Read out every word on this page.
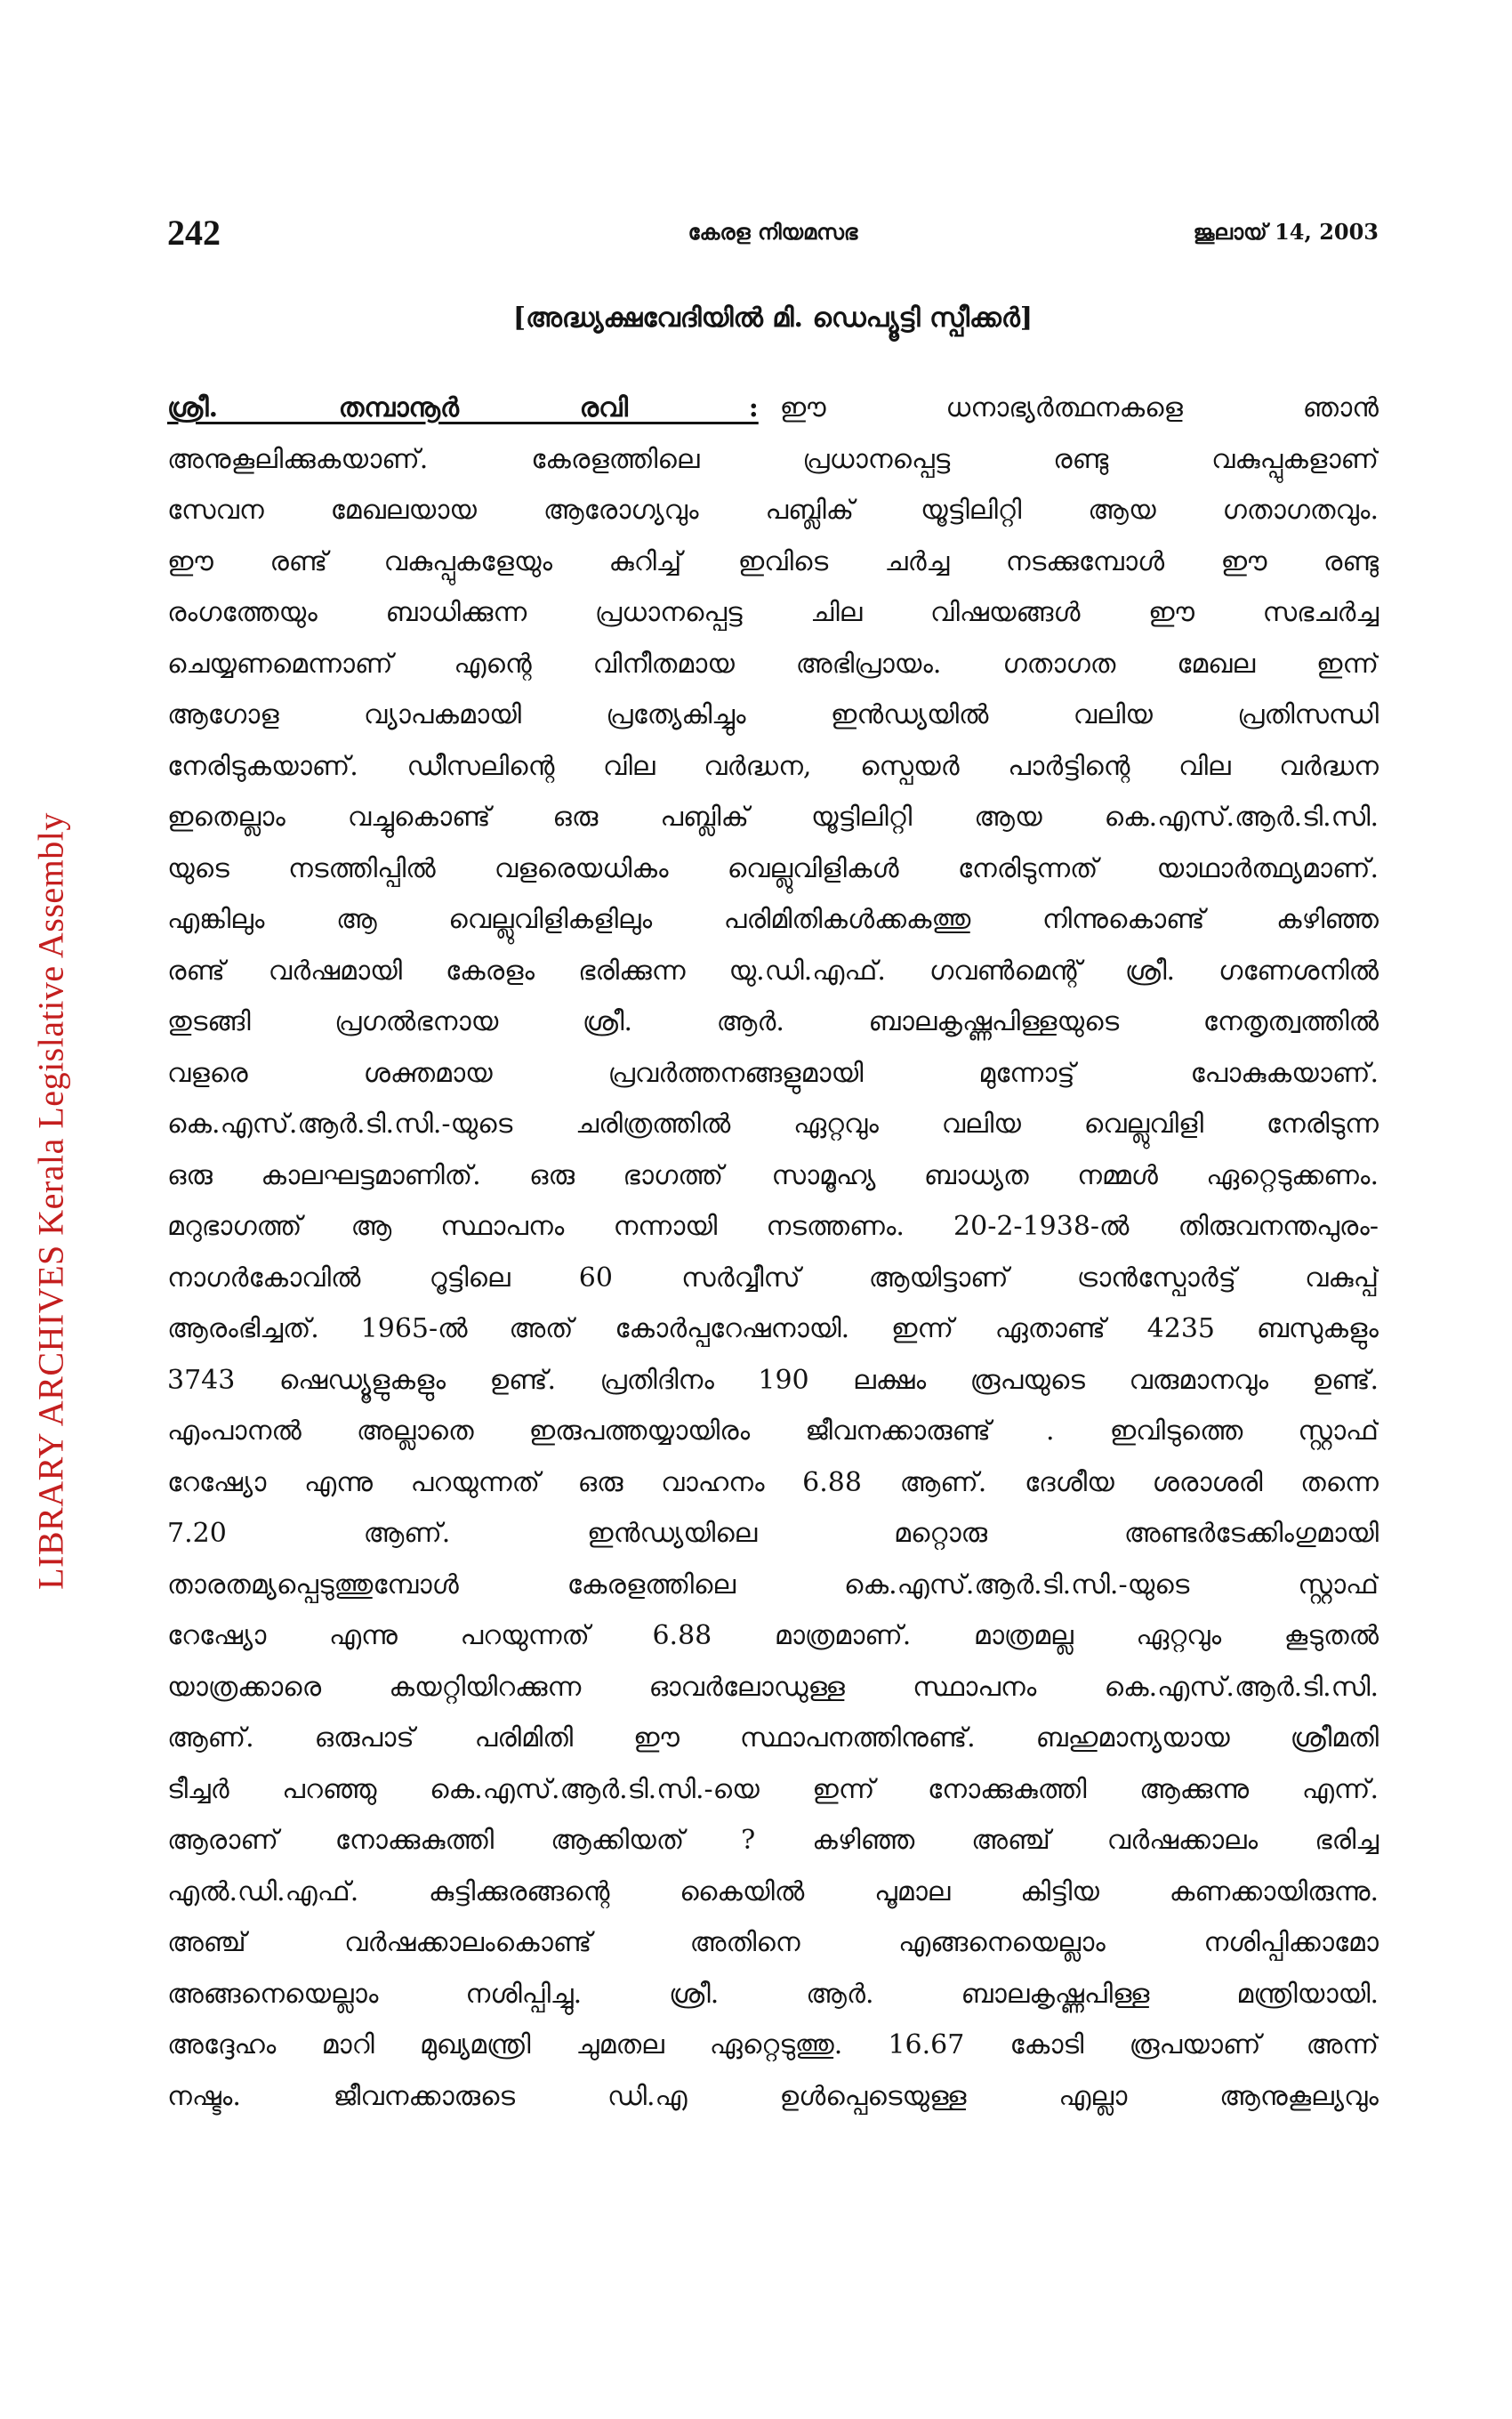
LIBRARY ARCHIVES Kerala Legislative Assembly
242	കേരള നിയമസഭ	ജൂലായ് 14, 2003
[അദ്ധ്യക്ഷവേദിയിൽ മി. ഡെപ്യൂട്ടി സ്പീക്കർ]
ശ്രീ. തമ്പാനൂർ രവി : ഈ ധനാഭ്യർത്ഥനകളെ ഞാൻ
അനുകൂലിക്കുകയാണ്. കേരളത്തിലെ പ്രധാനപ്പെട്ട രണ്ടു വകുപ്പുകളാണ്
സേവന മേഖലയായ ആരോഗ്യവും പബ്ലിക് യൂട്ടിലിറ്റി ആയ ഗതാഗതവും.
ഈ രണ്ട് വകുപ്പുകളേയും കുറിച്ച് ഇവിടെ ചർച്ച നടക്കുമ്പോൾ ഈ രണ്ടു
രംഗത്തേയും ബാധിക്കുന്ന പ്രധാനപ്പെട്ട ചില വിഷയങ്ങൾ ഈ സഭചർച്ച
ചെയ്യണമെന്നാണ് എന്റെ വിനീതമായ അഭിപ്രായം. ഗതാഗത മേഖല ഇന്ന്
ആഗോള വ്യാപകമായി പ്രത്യേകിച്ചും ഇൻഡ്യയിൽ വലിയ പ്രതിസന്ധി
നേരിടുകയാണ്. ഡീസലിന്റെ വില വർദ്ധന, സ്പെയർ പാർട്ടിന്റെ വില വർദ്ധന
ഇതെല്ലാം വച്ചുകൊണ്ട് ഒരു പബ്ലിക് യൂട്ടിലിറ്റി ആയ കെ.എസ്.ആർ.ടി.സി.
യുടെ നടത്തിപ്പിൽ വളരെയധികം വെല്ലുവിളികൾ നേരിടുന്നത് യാഥാർത്ഥ്യമാണ്.
എങ്കിലും ആ വെല്ലുവിളികളിലും പരിമിതികൾക്കകത്തു നിന്നുകൊണ്ട് കഴിഞ്ഞ
രണ്ട് വർഷമായി കേരളം ഭരിക്കുന്ന യു.ഡി.എഫ്. ഗവൺമെന്റ് ശ്രീ. ഗണേശനിൽ
തുടങ്ങി പ്രഗൽഭനായ ശ്രീ. ആർ. ബാലകൃഷ്ണപിള്ളയുടെ നേതൃത്വത്തിൽ
വളരെ ശക്തമായ പ്രവർത്തനങ്ങളുമായി മുന്നോട്ട് പോകുകയാണ്.
കെ.എസ്.ആർ.ടി.സി.-യുടെ ചരിത്രത്തിൽ ഏറ്റവും വലിയ വെല്ലുവിളി നേരിടുന്ന
ഒരു കാലഘട്ടമാണിത്. ഒരു ഭാഗത്ത് സാമൂഹ്യ ബാധ്യത നമ്മൾ ഏറ്റെടുക്കണം.
മറുഭാഗത്ത് ആ സ്ഥാപനം നന്നായി നടത്തണം. 20-2-1938-ൽ തിരുവനന്തപുരം-
നാഗർകോവിൽ റൂട്ടിലെ 60 സർവ്വീസ് ആയിട്ടാണ് ട്രാൻസ്പോർട്ട് വകുപ്പ്
ആരംഭിച്ചത്. 1965-ൽ അത് കോർപ്പറേഷനായി. ഇന്ന് ഏതാണ്ട് 4235 ബസുകളും
3743 ഷെഡ്യൂളുകളും ഉണ്ട്. പ്രതിദിനം 190 ലക്ഷം രൂപയുടെ വരുമാനവും ഉണ്ട്.
എംപാനൽ അല്ലാതെ ഇരുപത്തയ്യായിരം ജീവനക്കാരുണ്ട് . ഇവിടുത്തെ സ്റ്റാഫ്
റേഷ്യോ എന്നു പറയുന്നത് ഒരു വാഹനം 6.88 ആണ്. ദേശീയ ശരാശരി തന്നെ
7.20 ആണ്. ഇൻഡ്യയിലെ മറ്റൊരു അണ്ടർടേക്കിംഗുമായി
താരതമ്യപ്പെടുത്തുമ്പോൾ കേരളത്തിലെ കെ.എസ്.ആർ.ടി.സി.-യുടെ സ്റ്റാഫ്
റേഷ്യോ എന്നു പറയുന്നത് 6.88 മാത്രമാണ്. മാത്രമല്ല ഏറ്റവും കൂടുതൽ
യാത്രക്കാരെ കയറ്റിയിറക്കുന്ന ഓവർലോഡുള്ള സ്ഥാപനം കെ.എസ്.ആർ.ടി.സി.
ആണ്. ഒരുപാട് പരിമിതി ഈ സ്ഥാപനത്തിനുണ്ട്. ബഹുമാന്യയായ ശ്രീമതി
ടീച്ചർ പറഞ്ഞു കെ.എസ്.ആർ.ടി.സി.-യെ ഇന്ന് നോക്കുകുത്തി ആക്കുന്നു എന്ന്.
ആരാണ് നോക്കുകുത്തി ആക്കിയത് ? കഴിഞ്ഞ അഞ്ച് വർഷക്കാലം ഭരിച്ച
എൽ.ഡി.എഫ്. കുട്ടിക്കുരങ്ങന്റെ കൈയിൽ പൂമാല കിട്ടിയ കണക്കായിരുന്നു.
അഞ്ച് വർഷക്കാലംകൊണ്ട് അതിനെ എങ്ങനെയെല്ലാം നശിപ്പിക്കാമോ
അങ്ങനെയെല്ലാം നശിപ്പിച്ചു. ശ്രീ. ആർ. ബാലകൃഷ്ണപിള്ള മന്ത്രിയായി.
അദ്ദേഹം മാറി മുഖ്യമന്ത്രി ചുമതല ഏറ്റെടുത്തു. 16.67 കോടി രൂപയാണ് അന്ന്
നഷ്ടം. ജീവനക്കാരുടെ ഡി.എ ഉൾപ്പെടെയുള്ള എല്ലാ ആനുകൂല്യവും
